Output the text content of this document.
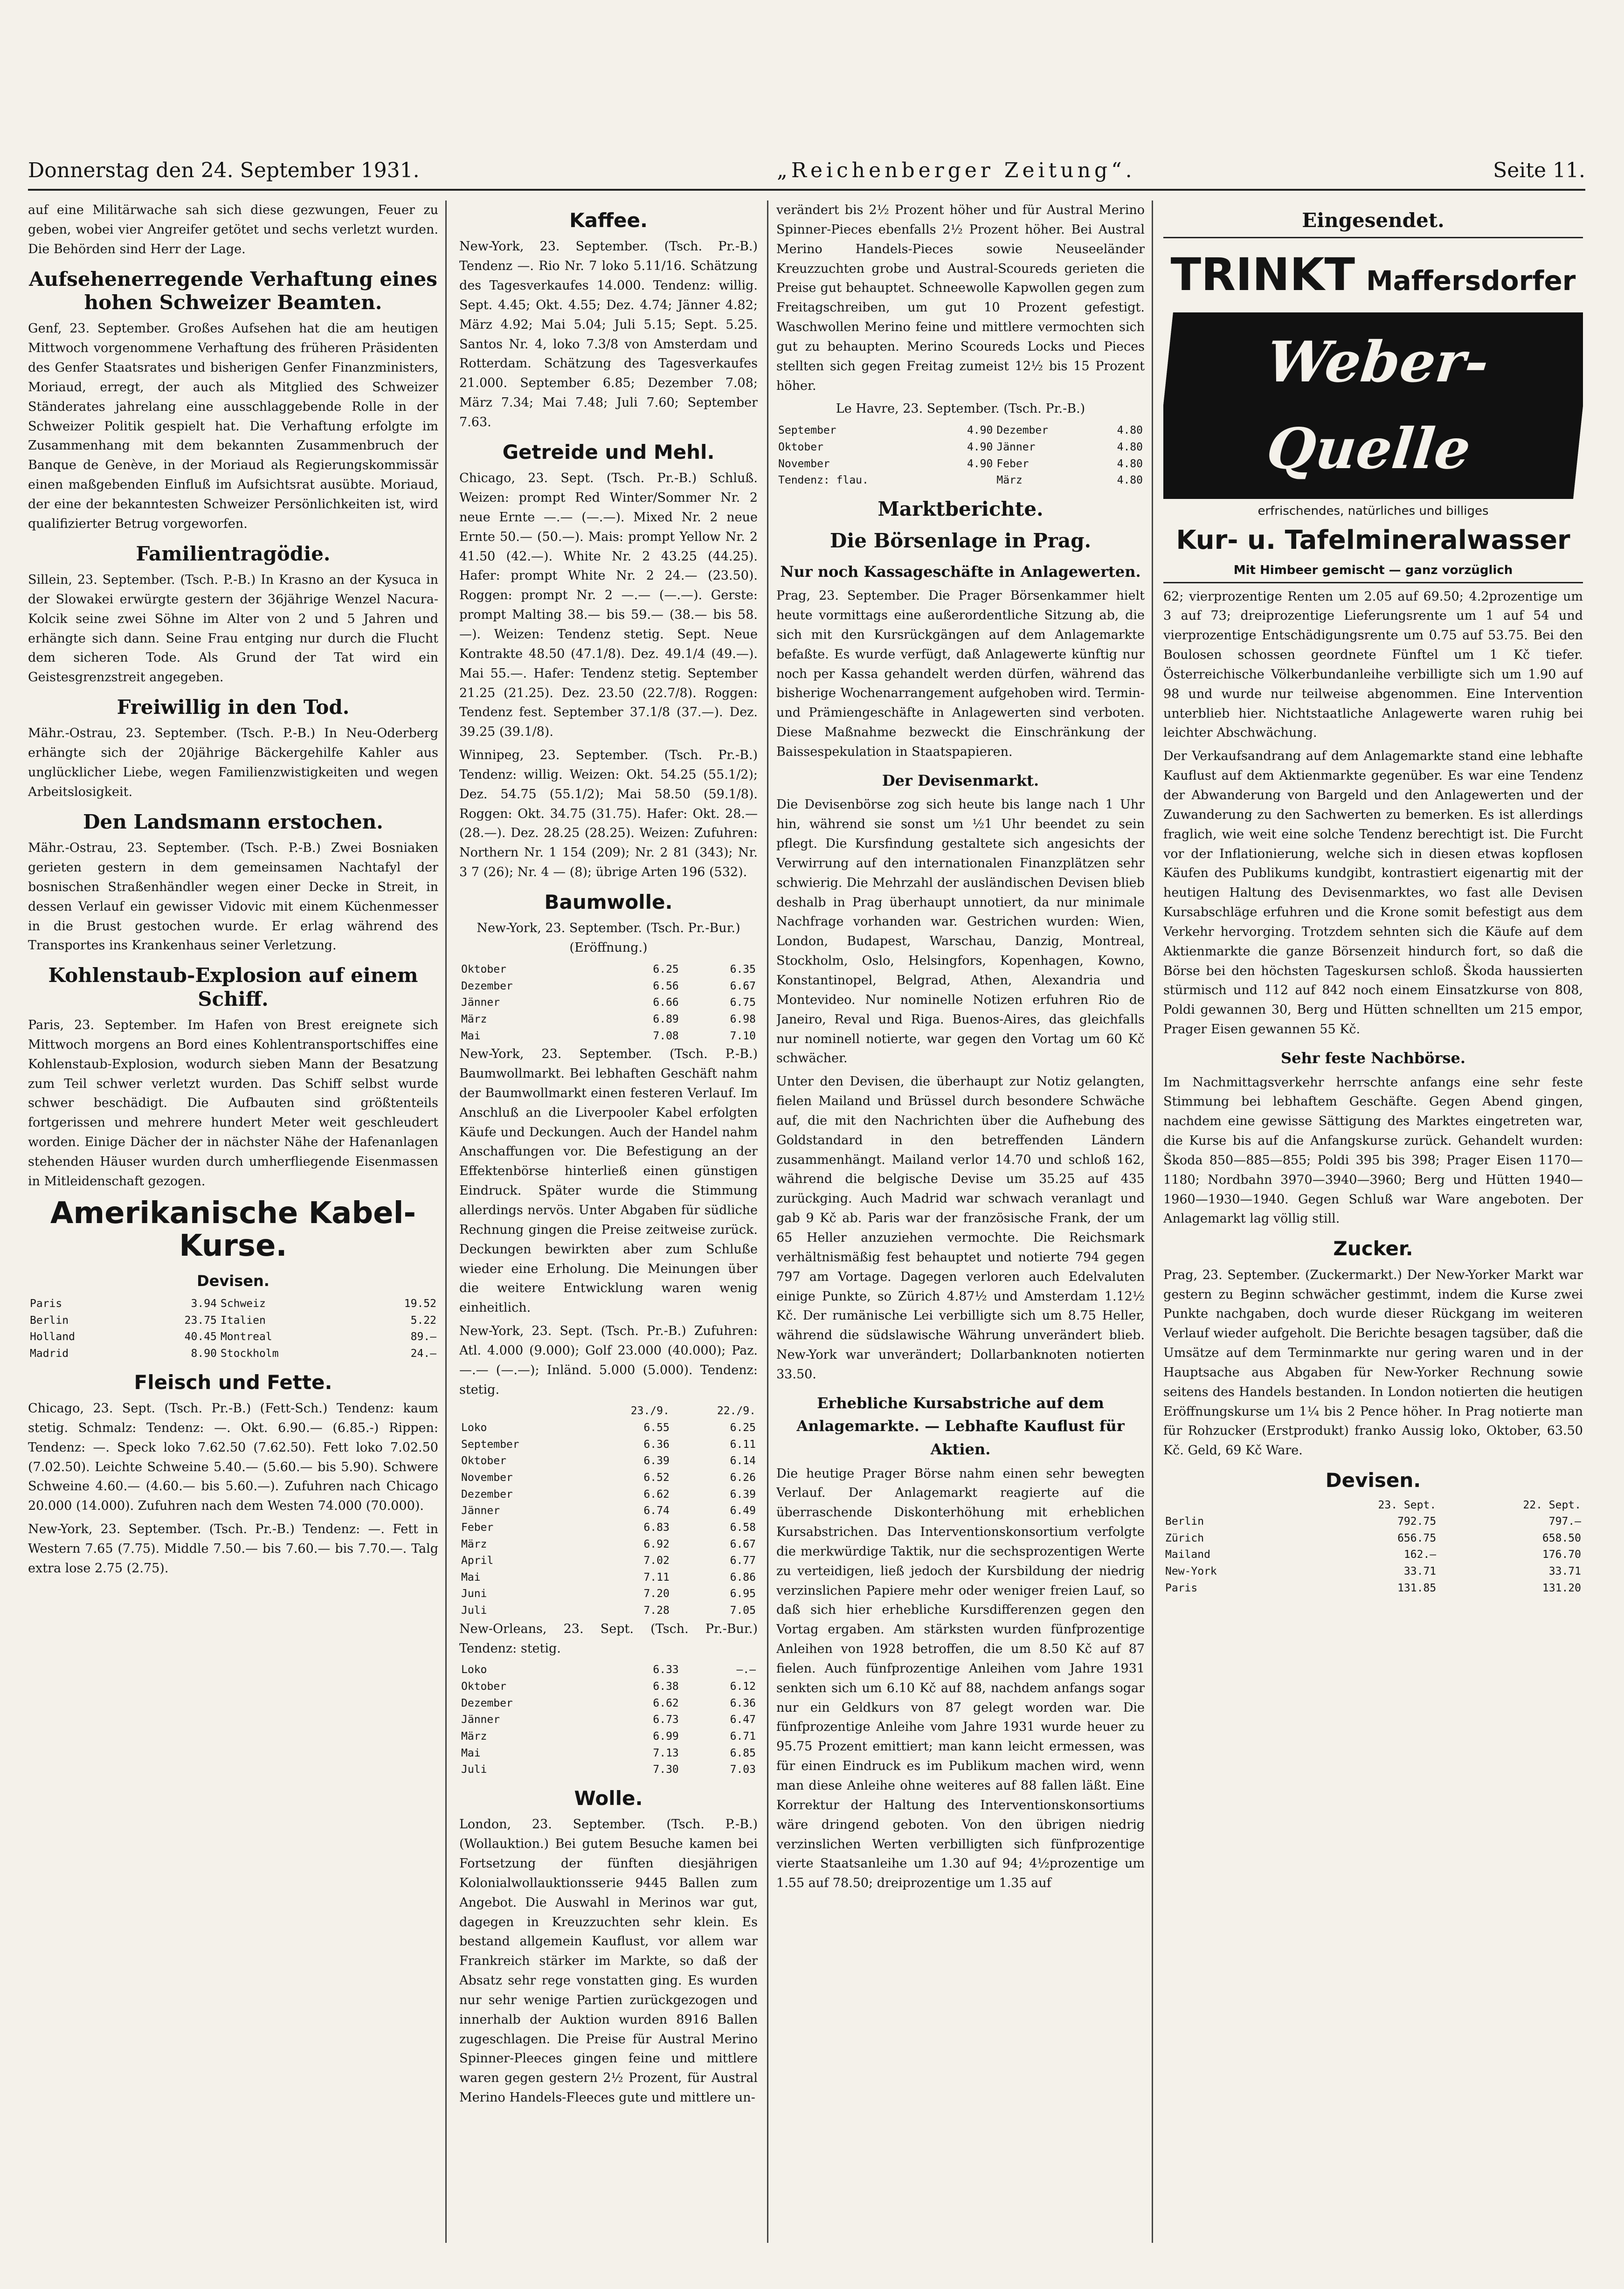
Donnerstag den 24. September 1931.	„Reichenberger Zeitung“.	Seite 11.

auf eine Militärwache sah sich diese gezwungen, Feuer zu geben, wobei vier Angreifer getötet und sechs verletzt wurden. Die Behörden sind Herr der Lage.

Aufsehenerregende Verhaftung eines hohen Schweizer Beamten.

Genf, 23. September. Großes Aufsehen hat die am heutigen Mittwoch vorgenommene Verhaftung des früheren Präsidenten des Genfer Staatsrates und bisherigen Genfer Finanzministers, Moriaud, erregt, der auch als Mitglied des Schweizer Ständerates jahrelang eine ausschlaggebende Rolle in der Schweizer Politik gespielt hat. Die Verhaftung erfolgte im Zusammenhang mit dem bekannten Zusammenbruch der Banque de Genève, in der Moriaud als Regierungskommissär einen maßgebenden Einfluß im Aufsichtsrat ausübte. Moriaud, der eine der bekanntesten Schweizer Persönlichkeiten ist, wird qualifizierter Betrug vorgeworfen.

Familientragödie.

Sillein, 23. September. (Tsch. P.-B.) In Krasno an der Kysuca in der Slowakei erwürgte gestern der 36jährige Wenzel Nacura-Kolcik seine zwei Söhne im Alter von 2 und 5 Jahren und erhängte sich dann. Seine Frau entging nur durch die Flucht dem sicheren Tode. Als Grund der Tat wird ein Geistesgrenzstreit angegeben.

Freiwillig in den Tod.

Mähr.-Ostrau, 23. September. (Tsch. P.-B.) In Neu-Oderberg erhängte sich der 20jährige Bäckergehilfe Kahler aus unglücklicher Liebe, wegen Familienzwistigkeiten und wegen Arbeitslosigkeit.

Den Landsmann erstochen.

Mähr.-Ostrau, 23. September. (Tsch. P.-B.) Zwei Bosniaken gerieten gestern in dem gemeinsamen Nachtafyl der bosnischen Straßenhändler wegen einer Decke in Streit, in dessen Verlauf ein gewisser Vidovic mit einem Küchenmesser in die Brust gestochen wurde. Er erlag während des Transportes ins Krankenhaus seiner Verletzung.

Kohlenstaub-Explosion auf einem Schiff.

Paris, 23. September. Im Hafen von Brest ereignete sich Mittwoch morgens an Bord eines Kohlentransportschiffes eine Kohlenstaub-Explosion, wodurch sieben Mann der Besatzung zum Teil schwer verletzt wurden. Das Schiff selbst wurde schwer beschädigt. Die Aufbauten sind größtenteils fortgerissen und mehrere hundert Meter weit geschleudert worden. Einige Dächer der in nächster Nähe der Hafenanlagen stehenden Häuser wurden durch umherfliegende Eisenmassen in Mitleidenschaft gezogen.

Amerikanische Kabel-Kurse.
Devisen.
Paris	3.94	Schweiz	19.52
Berlin	23.75	Italien	5.22
Holland	40.45	Montreal	89.—
Madrid	8.90	Stockholm	24.—
Fleisch und Fette.

Chicago, 23. Sept. (Tsch. Pr.-B.) (Fett-Sch.) Tendenz: kaum stetig. Schmalz: Tendenz: —. Okt. 6.90.— (6.85.-) Rippen: Tendenz: —. Speck loko 7.62.50 (7.62.50). Fett loko 7.02.50 (7.02.50). Leichte Schweine 5.40.— (5.60.— bis 5.90). Schwere Schweine 4.60.— (4.60.— bis 5.60.—). Zufuhren nach Chicago 20.000 (14.000). Zufuhren nach dem Westen 74.000 (70.000).

New-York, 23. September. (Tsch. Pr.-B.) Tendenz: —. Fett in Western 7.65 (7.75). Middle 7.50.— bis 7.60.— bis 7.70.—. Talg extra lose 2.75 (2.75).

Kaffee.

New-York, 23. September. (Tsch. Pr.-B.) Tendenz —. Rio Nr. 7 loko 5.11/16. Schätzung des Tagesverkaufes 14.000. Tendenz: willig. Sept. 4.45; Okt. 4.55; Dez. 4.74; Jänner 4.82; März 4.92; Mai 5.04; Juli 5.15; Sept. 5.25. Santos Nr. 4, loko 7.3/8 von Amsterdam und Rotterdam. Schätzung des Tagesverkaufes 21.000. September 6.85; Dezember 7.08; März 7.34; Mai 7.48; Juli 7.60; September 7.63.

Getreide und Mehl.

Chicago, 23. Sept. (Tsch. Pr.-B.) Schluß. Weizen: prompt Red Winter/Sommer Nr. 2 neue Ernte —.— (—.—). Mixed Nr. 2 neue Ernte 50.— (50.—). Mais: prompt Yellow Nr. 2 41.50 (42.—). White Nr. 2 43.25 (44.25). Hafer: prompt White Nr. 2 24.— (23.50). Roggen: prompt Nr. 2 —.— (—.—). Gerste: prompt Malting 38.— bis 59.— (38.— bis 58.—). Weizen: Tendenz stetig. Sept. Neue Kontrakte 48.50 (47.1/8). Dez. 49.1/4 (49.—). Mai 55.—. Hafer: Tendenz stetig. September 21.25 (21.25). Dez. 23.50 (22.7/8). Roggen: Tendenz fest. September 37.1/8 (37.—). Dez. 39.25 (39.1/8).

Winnipeg, 23. September. (Tsch. Pr.-B.) Tendenz: willig. Weizen: Okt. 54.25 (55.1/2); Dez. 54.75 (55.1/2); Mai 58.50 (59.1/8). Roggen: Okt. 34.75 (31.75). Hafer: Okt. 28.— (28.—). Dez. 28.25 (28.25). Weizen: Zufuhren: Northern Nr. 1 154 (209); Nr. 2 81 (343); Nr. 3 7 (26); Nr. 4 — (8); übrige Arten 196 (532).

Baumwolle.

New-York, 23. September. (Tsch. Pr.-Bur.) (Eröffnung.)

Oktober	6.25	6.35
Dezember	6.56	6.67
Jänner	6.66	6.75
März	6.89	6.98
Mai	7.08	7.10

New-York, 23. September. (Tsch. P.-B.) Baumwollmarkt. Bei lebhaften Geschäft nahm der Baumwollmarkt einen festeren Verlauf. Im Anschluß an die Liverpooler Kabel erfolgten Käufe und Deckungen. Auch der Handel nahm Anschaffungen vor. Die Befestigung an der Effektenbörse hinterließ einen günstigen Eindruck. Später wurde die Stimmung allerdings nervös. Unter Abgaben für südliche Rechnung gingen die Preise zeitweise zurück. Deckungen bewirkten aber zum Schluße wieder eine Erholung. Die Meinungen über die weitere Entwicklung waren wenig einheitlich.

New-York, 23. Sept. (Tsch. Pr.-B.) Zufuhren: Atl. 4.000 (9.000); Golf 23.000 (40.000); Paz. —.— (—.—); Inländ. 5.000 (5.000). Tendenz: stetig.

	23./9.	22./9.
Loko	6.55	6.25
September	6.36	6.11
Oktober	6.39	6.14
November	6.52	6.26
Dezember	6.62	6.39
Jänner	6.74	6.49
Feber	6.83	6.58
März	6.92	6.67
April	7.02	6.77
Mai	7.11	6.86
Juni	7.20	6.95
Juli	7.28	7.05

New-Orleans, 23. Sept. (Tsch. Pr.-Bur.) Tendenz: stetig.

Loko	6.33	—.—
Oktober	6.38	6.12
Dezember	6.62	6.36
Jänner	6.73	6.47
März	6.99	6.71
Mai	7.13	6.85
Juli	7.30	7.03
Wolle.

London, 23. September. (Tsch. P.-B.) (Wollauktion.) Bei gutem Besuche kamen bei Fortsetzung der fünften diesjährigen Kolonialwollauktionsserie 9445 Ballen zum Angebot. Die Auswahl in Merinos war gut, dagegen in Kreuzzuchten sehr klein. Es bestand allgemein Kauflust, vor allem war Frankreich stärker im Markte, so daß der Absatz sehr rege vonstatten ging. Es wurden nur sehr wenige Partien zurückgezogen und innerhalb der Auktion wurden 8916 Ballen zugeschlagen. Die Preise für Austral Merino Spinner-Pleeces gingen feine und mittlere waren gegen gestern 2½ Prozent, für Austral Merino Handels-Fleeces gute und mittlere un-

verändert bis 2½ Prozent höher und für Austral Merino Spinner-Pieces ebenfalls 2½ Prozent höher. Bei Austral Merino Handels-Pieces sowie Neuseeländer Kreuzzuchten grobe und Austral-Scoureds gerieten die Preise gut behauptet. Schneewolle Kapwollen gegen zum Freitagschreiben, um gut 10 Prozent gefestigt. Waschwollen Merino feine und mittlere vermochten sich gut zu behaupten. Merino Scoureds Locks und Pieces stellten sich gegen Freitag zumeist 12½ bis 15 Prozent höher.

Le Havre, 23. September. (Tsch. Pr.-B.)

September	4.90	Dezember	4.80
Oktober	4.90	Jänner	4.80
November	4.90	Feber	4.80
Tendenz: flau.		März	4.80
Marktberichte.
Die Börsenlage in Prag.
Nur noch Kassageschäfte in Anlagewerten.

Prag, 23. September. Die Prager Börsenkammer hielt heute vormittags eine außerordentliche Sitzung ab, die sich mit den Kursrückgängen auf dem Anlagemarkte befaßte. Es wurde verfügt, daß Anlagewerte künftig nur noch per Kassa gehandelt werden dürfen, während das bisherige Wochenarrangement aufgehoben wird. Termin- und Prämiengeschäfte in Anlagewerten sind verboten. Diese Maßnahme bezweckt die Einschränkung der Baissespekulation in Staatspapieren.

Der Devisenmarkt.

Die Devisenbörse zog sich heute bis lange nach 1 Uhr hin, während sie sonst um ½1 Uhr beendet zu sein pflegt. Die Kursfindung gestaltete sich angesichts der Verwirrung auf den internationalen Finanzplätzen sehr schwierig. Die Mehrzahl der ausländischen Devisen blieb deshalb in Prag überhaupt unnotiert, da nur minimale Nachfrage vorhanden war. Gestrichen wurden: Wien, London, Budapest, Warschau, Danzig, Montreal, Stockholm, Oslo, Helsingfors, Kopenhagen, Kowno, Konstantinopel, Belgrad, Athen, Alexandria und Montevideo. Nur nominelle Notizen erfuhren Rio de Janeiro, Reval und Riga. Buenos-Aires, das gleichfalls nur nominell notierte, war gegen den Vortag um 60 Kč schwächer.

Unter den Devisen, die überhaupt zur Notiz gelangten, fielen Mailand und Brüssel durch besondere Schwäche auf, die mit den Nachrichten über die Aufhebung des Goldstandard in den betreffenden Ländern zusammenhängt. Mailand verlor 14.70 und schloß 162, während die belgische Devise um 35.25 auf 435 zurückging. Auch Madrid war schwach veranlagt und gab 9 Kč ab. Paris war der französische Frank, der um 65 Heller anzuziehen vermochte. Die Reichsmark verhältnismäßig fest behauptet und notierte 794 gegen 797 am Vortage. Dagegen verloren auch Edelvaluten einige Punkte, so Zürich 4.87½ und Amsterdam 1.12½ Kč. Der rumänische Lei verbilligte sich um 8.75 Heller, während die südslawische Währung unverändert blieb. New-York war unverändert; Dollarbanknoten notierten 33.50.

Erhebliche Kursabstriche auf dem Anlagemarkte. — Lebhafte Kauflust für Aktien.

Die heutige Prager Börse nahm einen sehr bewegten Verlauf. Der Anlagemarkt reagierte auf die überraschende Diskonterhöhung mit erheblichen Kursabstrichen. Das Interventionskonsortium verfolgte die merkwürdige Taktik, nur die sechsprozentigen Werte zu verteidigen, ließ jedoch der Kursbildung der niedrig verzinslichen Papiere mehr oder weniger freien Lauf, so daß sich hier erhebliche Kursdifferenzen gegen den Vortag ergaben. Am stärksten wurden fünfprozentige Anleihen von 1928 betroffen, die um 8.50 Kč auf 87 fielen. Auch fünfprozentige Anleihen vom Jahre 1931 senkten sich um 6.10 Kč auf 88, nachdem anfangs sogar nur ein Geldkurs von 87 gelegt worden war. Die fünfprozentige Anleihe vom Jahre 1931 wurde heuer zu 95.75 Prozent emittiert; man kann leicht ermessen, was für einen Eindruck es im Publikum machen wird, wenn man diese Anleihe ohne weiteres auf 88 fallen läßt. Eine Korrektur der Haltung des Interventionskonsortiums wäre dringend geboten. Von den übrigen niedrig verzinslichen Werten verbilligten sich fünfprozentige vierte Staatsanleihe um 1.30 auf 94; 4½prozentige um 1.55 auf 78.50; dreiprozentige um 1.35 auf

Eingesendet.
TRINKT Maffersdorfer
Weber-Quelle
erfrischendes, natürliches und billiges
Kur- u. Tafelmineralwasser
Mit Himbeer gemischt — ganz vorzüglich

62; vierprozentige Renten um 2.05 auf 69.50; 4.2prozentige um 3 auf 73; dreiprozentige Lieferungsrente um 1 auf 54 und vierprozentige Entschädigungsrente um 0.75 auf 53.75. Bei den Boulosen schossen geordnete Fünftel um 1 Kč tiefer. Österreichische Völkerbundanleihe verbilligte sich um 1.90 auf 98 und wurde nur teilweise abgenommen. Eine Intervention unterblieb hier. Nichtstaatliche Anlagewerte waren ruhig bei leichter Abschwächung.

Der Verkaufsandrang auf dem Anlagemarkte stand eine lebhafte Kauflust auf dem Aktienmarkte gegenüber. Es war eine Tendenz der Abwanderung von Bargeld und den Anlagewerten und der Zuwanderung zu den Sachwerten zu bemerken. Es ist allerdings fraglich, wie weit eine solche Tendenz berechtigt ist. Die Furcht vor der Inflationierung, welche sich in diesen etwas kopflosen Käufen des Publikums kundgibt, kontrastiert eigenartig mit der heutigen Haltung des Devisenmarktes, wo fast alle Devisen Kursabschläge erfuhren und die Krone somit befestigt aus dem Verkehr hervorging. Trotzdem sehnten sich die Käufe auf dem Aktienmarkte die ganze Börsenzeit hindurch fort, so daß die Börse bei den höchsten Tageskursen schloß. Škoda haussierten stürmisch und 112 auf 842 noch einem Einsatzkurse von 808, Poldi gewannen 30, Berg und Hütten schnellten um 215 empor, Prager Eisen gewannen 55 Kč.

Sehr feste Nachbörse.

Im Nachmittagsverkehr herrschte anfangs eine sehr feste Stimmung bei lebhaftem Geschäfte. Gegen Abend gingen, nachdem eine gewisse Sättigung des Marktes eingetreten war, die Kurse bis auf die Anfangskurse zurück. Gehandelt wurden: Škoda 850—885—855; Poldi 395 bis 398; Prager Eisen 1170—1180; Nordbahn 3970—3940—3960; Berg und Hütten 1940—1960—1930—1940. Gegen Schluß war Ware angeboten. Der Anlagemarkt lag völlig still.

Zucker.

Prag, 23. September. (Zuckermarkt.) Der New-Yorker Markt war gestern zu Beginn schwächer gestimmt, indem die Kurse zwei Punkte nachgaben, doch wurde dieser Rückgang im weiteren Verlauf wieder aufgeholt. Die Berichte besagen tagsüber, daß die Umsätze auf dem Terminmarkte nur gering waren und in der Hauptsache aus Abgaben für New-Yorker Rechnung sowie seitens des Handels bestanden. In London notierten die heutigen Eröffnungskurse um 1¼ bis 2 Pence höher. In Prag notierte man für Rohzucker (Erstprodukt) franko Aussig loko, Oktober, 63.50 Kč. Geld, 69 Kč Ware.

Devisen.
	23. Sept.	22. Sept.
Berlin	792.75	797.—
Zürich	656.75	658.50
Mailand	162.—	176.70
New-York	33.71	33.71
Paris	131.85	131.20
